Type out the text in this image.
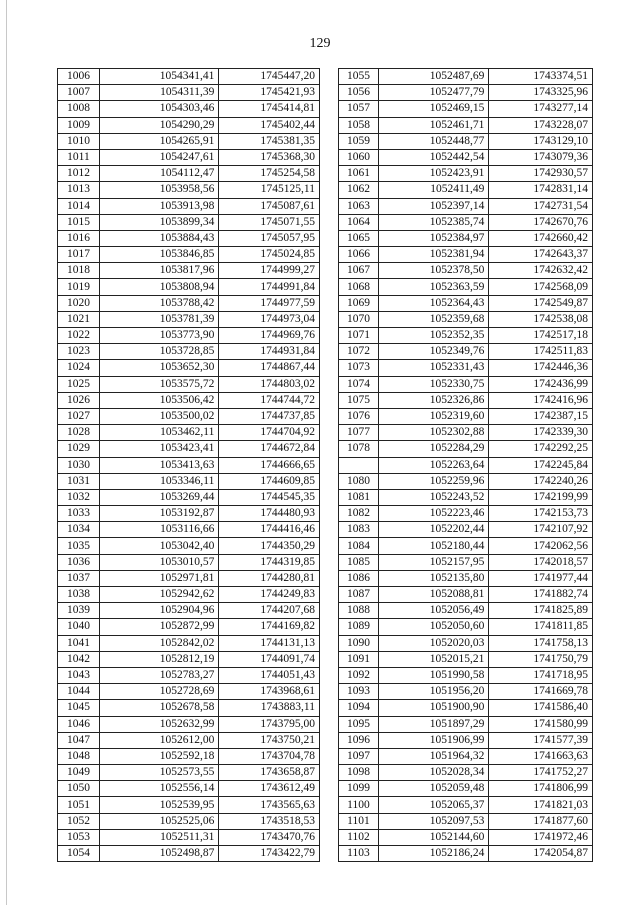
129
1006	1054341,41	1745447,20
1007	1054311,39	1745421,93
1008	1054303,46	1745414,81
1009	1054290,29	1745402,44
1010	1054265,91	1745381,35
1011	1054247,61	1745368,30
1012	1054112,47	1745254,58
1013	1053958,56	1745125,11
1014	1053913,98	1745087,61
1015	1053899,34	1745071,55
1016	1053884,43	1745057,95
1017	1053846,85	1745024,85
1018	1053817,96	1744999,27
1019	1053808,94	1744991,84
1020	1053788,42	1744977,59
1021	1053781,39	1744973,04
1022	1053773,90	1744969,76
1023	1053728,85	1744931,84
1024	1053652,30	1744867,44
1025	1053575,72	1744803,02
1026	1053506,42	1744744,72
1027	1053500,02	1744737,85
1028	1053462,11	1744704,92
1029	1053423,41	1744672,84
1030	1053413,63	1744666,65
1031	1053346,11	1744609,85
1032	1053269,44	1744545,35
1033	1053192,87	1744480,93
1034	1053116,66	1744416,46
1035	1053042,40	1744350,29
1036	1053010,57	1744319,85
1037	1052971,81	1744280,81
1038	1052942,62	1744249,83
1039	1052904,96	1744207,68
1040	1052872,99	1744169,82
1041	1052842,02	1744131,13
1042	1052812,19	1744091,74
1043	1052783,27	1744051,43
1044	1052728,69	1743968,61
1045	1052678,58	1743883,11
1046	1052632,99	1743795,00
1047	1052612,00	1743750,21
1048	1052592,18	1743704,78
1049	1052573,55	1743658,87
1050	1052556,14	1743612,49
1051	1052539,95	1743565,63
1052	1052525,06	1743518,53
1053	1052511,31	1743470,76
1054	1052498,87	1743422,79
1055	1052487,69	1743374,51
1056	1052477,79	1743325,96
1057	1052469,15	1743277,14
1058	1052461,71	1743228,07
1059	1052448,77	1743129,10
1060	1052442,54	1743079,36
1061	1052423,91	1742930,57
1062	1052411,49	1742831,14
1063	1052397,14	1742731,54
1064	1052385,74	1742670,76
1065	1052384,97	1742660,42
1066	1052381,94	1742643,37
1067	1052378,50	1742632,42
1068	1052363,59	1742568,09
1069	1052364,43	1742549,87
1070	1052359,68	1742538,08
1071	1052352,35	1742517,18
1072	1052349,76	1742511,83
1073	1052331,43	1742446,36
1074	1052330,75	1742436,99
1075	1052326,86	1742416,96
1076	1052319,60	1742387,15
1077	1052302,88	1742339,30
1078	1052284,29	1742292,25
	1052263,64	1742245,84
1080	1052259,96	1742240,26
1081	1052243,52	1742199,99
1082	1052223,46	1742153,73
1083	1052202,44	1742107,92
1084	1052180,44	1742062,56
1085	1052157,95	1742018,57
1086	1052135,80	1741977,44
1087	1052088,81	1741882,74
1088	1052056,49	1741825,89
1089	1052050,60	1741811,85
1090	1052020,03	1741758,13
1091	1052015,21	1741750,79
1092	1051990,58	1741718,95
1093	1051956,20	1741669,78
1094	1051900,90	1741586,40
1095	1051897,29	1741580,99
1096	1051906,99	1741577,39
1097	1051964,32	1741663,63
1098	1052028,34	1741752,27
1099	1052059,48	1741806,99
1100	1052065,37	1741821,03
1101	1052097,53	1741877,60
1102	1052144,60	1741972,46
1103	1052186,24	1742054,87
